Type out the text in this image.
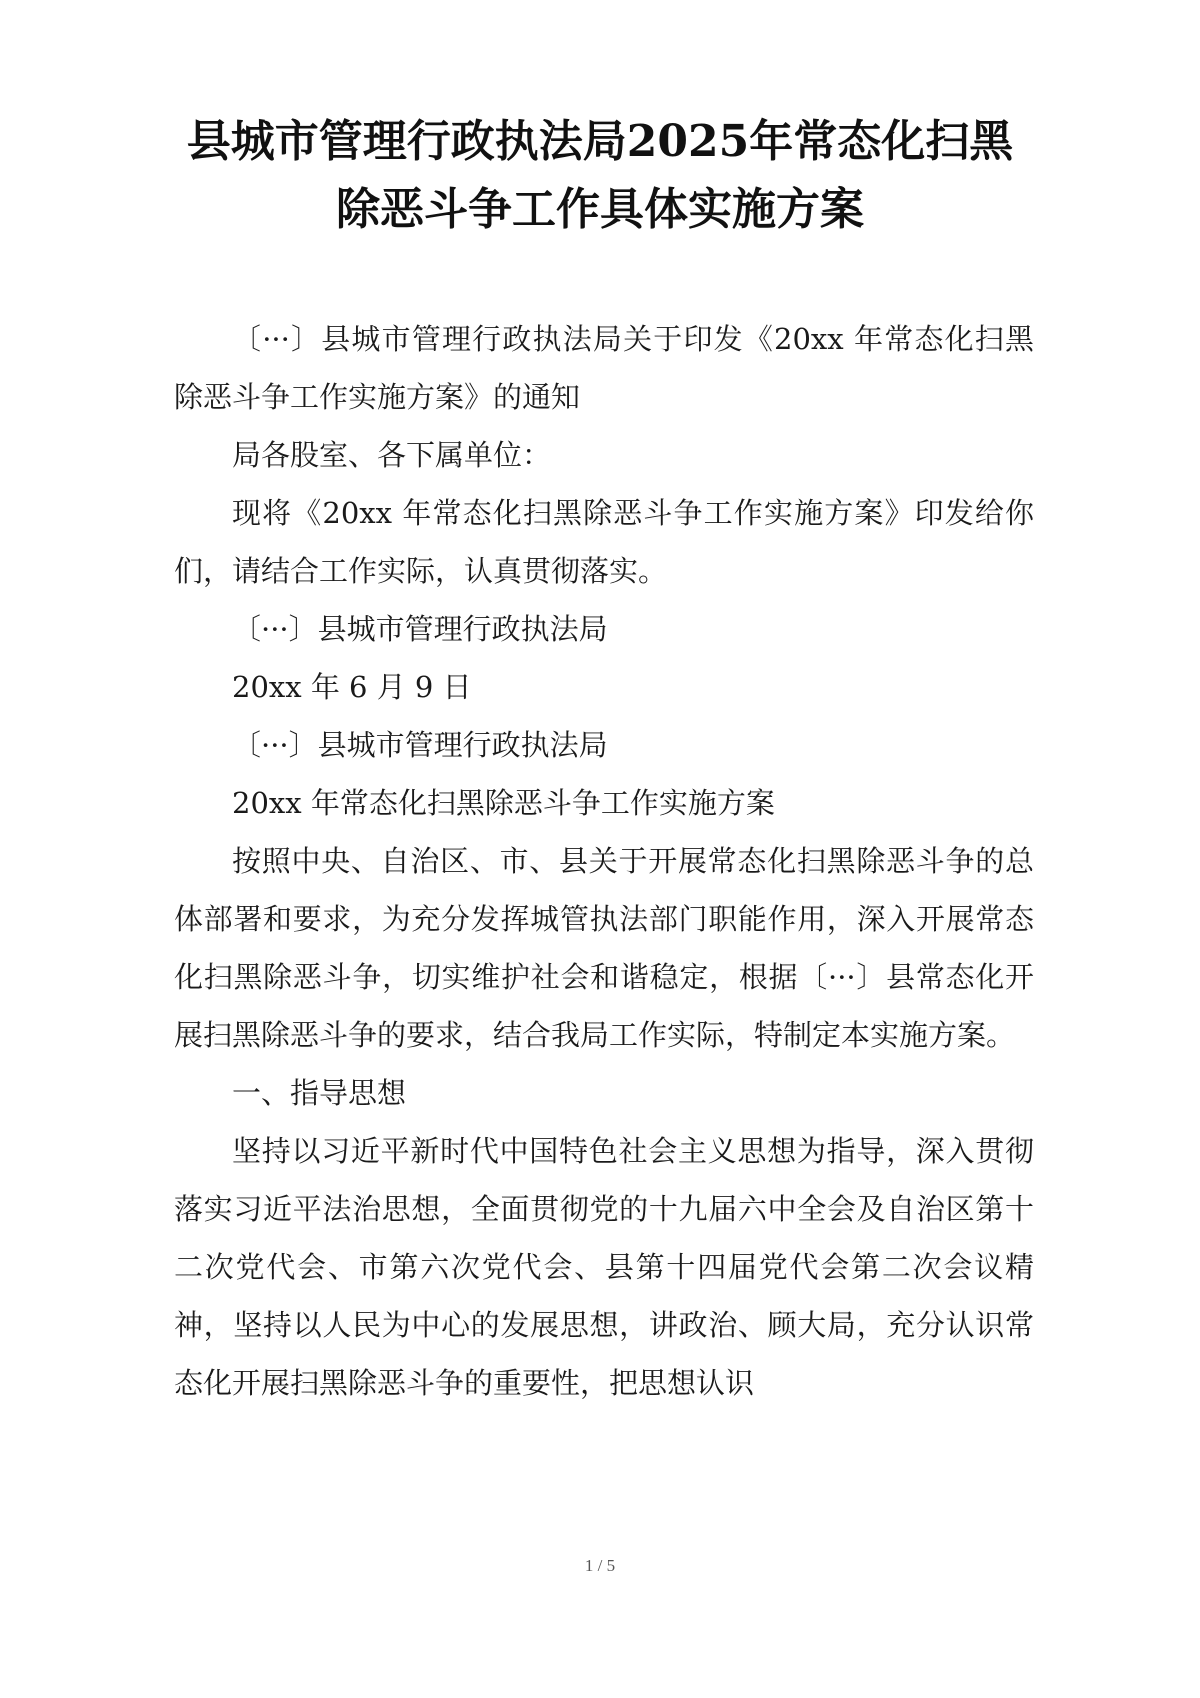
县城市管理行政执法局2025年常态化扫黑
除恶斗争工作具体实施方案

〔···〕县城市管理行政执法局关于印发《20xx 年常态化扫黑除恶斗争工作实施方案》的通知

局各股室、各下属单位：

现将《20xx 年常态化扫黑除恶斗争工作实施方案》印发给你们，请结合工作实际，认真贯彻落实。

〔···〕县城市管理行政执法局

20xx 年 6 月 9 日

〔···〕县城市管理行政执法局

20xx 年常态化扫黑除恶斗争工作实施方案

按照中央、自治区、市、县关于开展常态化扫黑除恶斗争的总体部署和要求，为充分发挥城管执法部门职能作用，深入开展常态化扫黑除恶斗争，切实维护社会和谐稳定，根据〔···〕县常态化开展扫黑除恶斗争的要求，结合我局工作实际，特制定本实施方案。

一、指导思想

坚持以习近平新时代中国特色社会主义思想为指导，深入贯彻落实习近平法治思想，全面贯彻党的十九届六中全会及自治区第十二次党代会、市第六次党代会、县第十四届党代会第二次会议精神，坚持以人民为中心的发展思想，讲政治、顾大局，充分认识常态化开展扫黑除恶斗争的重要性，把思想认识

1 / 5
